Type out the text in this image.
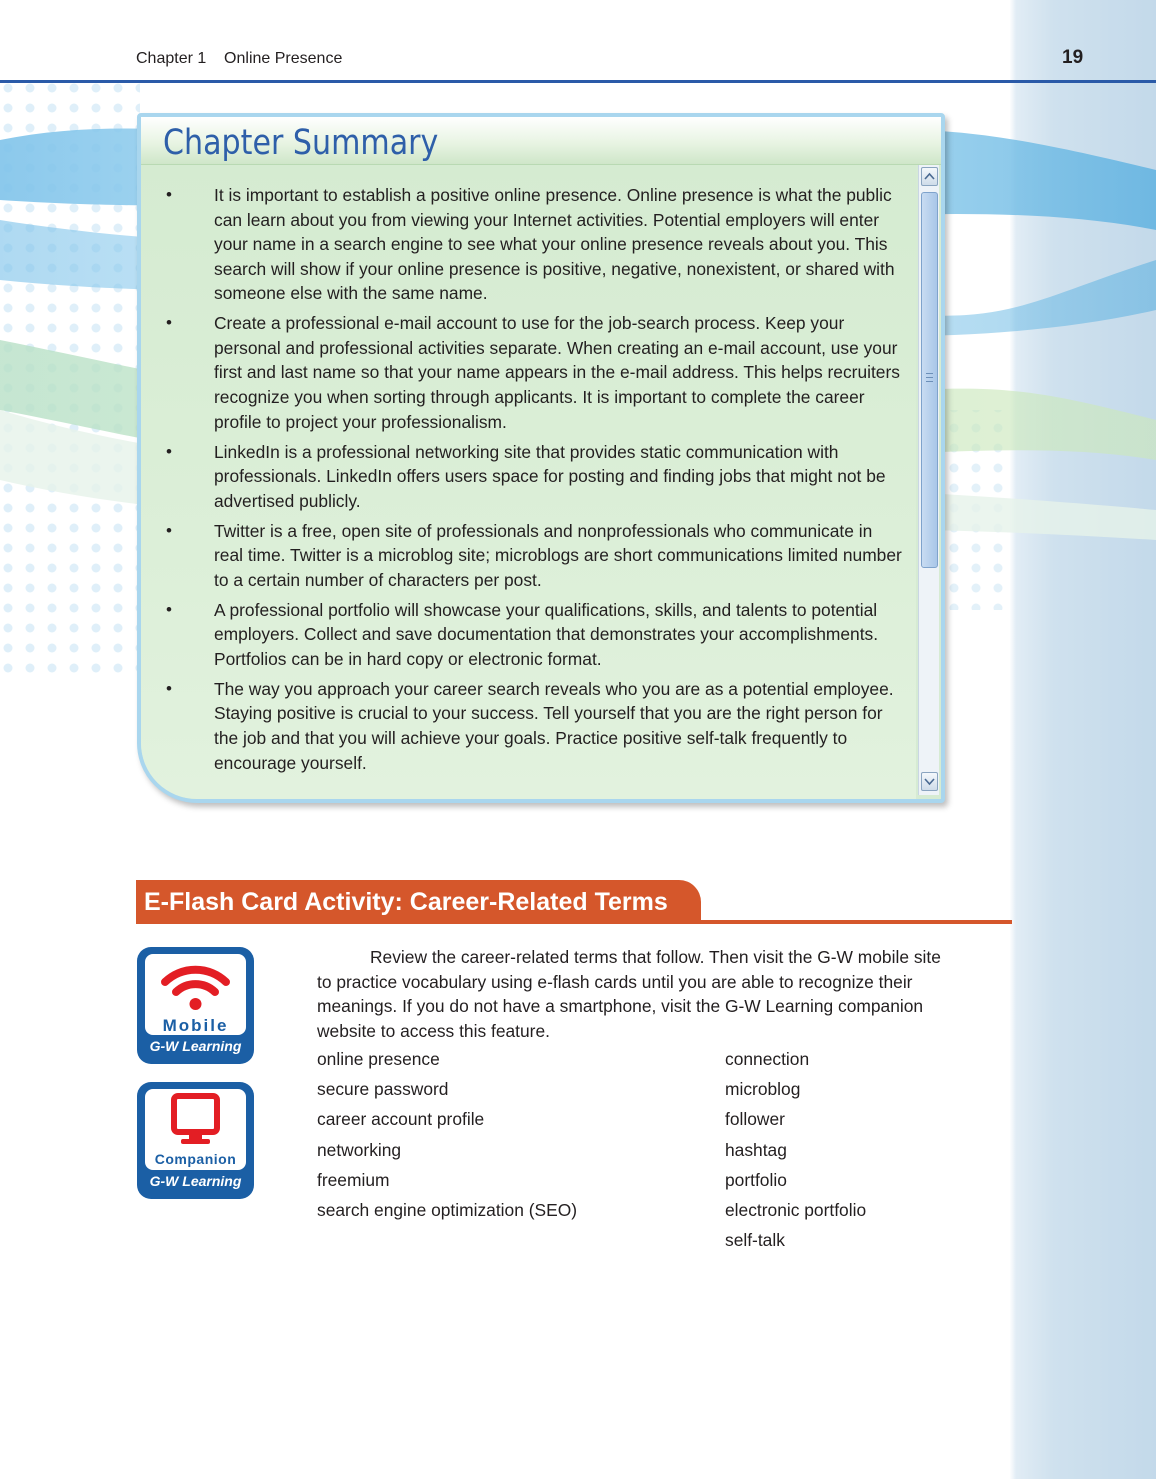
Chapter 1 Online Presence	19
Chapter Summary
• It is important to establish a positive online presence. Online presence is what the public can learn about you from viewing your Internet activities. Potential employers will enter your name in a search engine to see what your online presence reveals about you. This search will show if your online presence is positive, negative, nonexistent, or shared with someone else with the same name.
• Create a professional e-mail account to use for the job-search process. Keep your personal and professional activities separate. When creating an e-mail account, use your first and last name so that your name appears in the e-mail address. This helps recruiters recognize you when sorting through applicants. It is important to complete the career profile to project your professionalism.
• LinkedIn is a professional networking site that provides static communication with professionals. LinkedIn offers users space for posting and finding jobs that might not be advertised publicly.
• Twitter is a free, open site of professionals and nonprofessionals who communicate in real time. Twitter is a microblog site; microblogs are short communications limited number to a certain number of characters per post.
• A professional portfolio will showcase your qualifications, skills, and talents to potential employers. Collect and save documentation that demonstrates your accomplishments. Portfolios can be in hard copy or electronic format.
• The way you approach your career search reveals who you are as a potential employee. Staying positive is crucial to your success. Tell yourself that you are the right person for the job and that you will achieve your goals. Practice positive self-talk frequently to encourage yourself.
E-Flash Card Activity: Career-Related Terms
Mobile
G-W Learning
Companion
G-W Learning

Review the career-related terms that follow. Then visit the G-W mobile site to practice vocabulary using e-flash cards until you are able to recognize their meanings. If you do not have a smartphone, visit the G-W Learning companion website to access this feature.

online presence
secure password
career account profile
networking
freemium
search engine optimization (SEO)
connection
microblog
follower
hashtag
portfolio
electronic portfolio
self-talk
